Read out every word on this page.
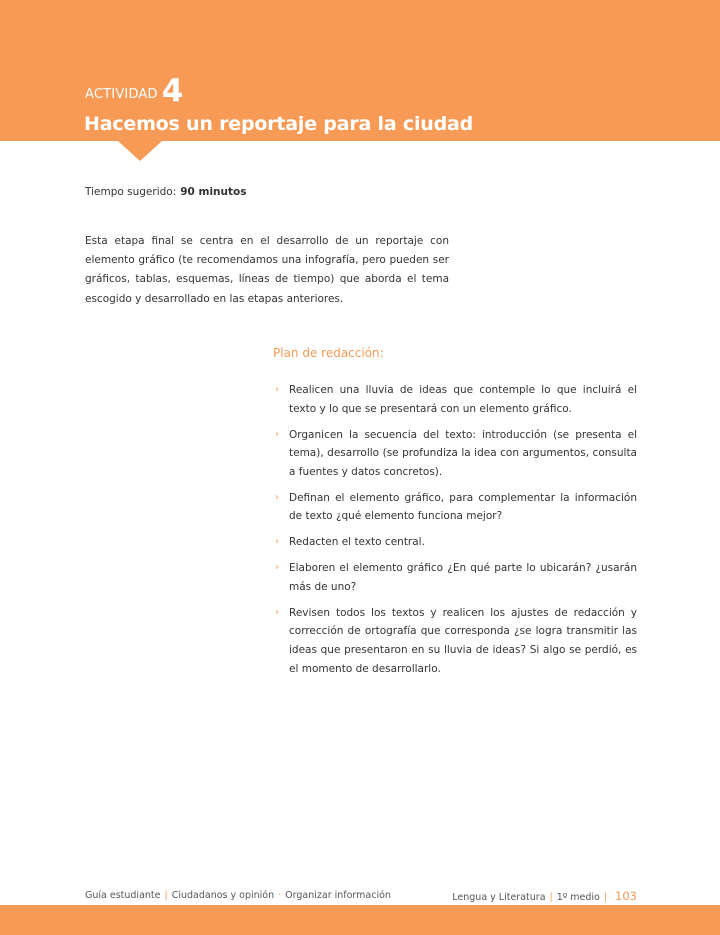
ACTIVIDAD 4
Hacemos un reportaje para la ciudad
Tiempo sugerido: 90 minutos

Esta etapa final se centra en el desarrollo de un reportaje con elemento gráfico (te recomendamos una infografía, pero pueden ser gráficos, tablas, esquemas, líneas de tiempo) que aborda el tema escogido y desarrollado en las etapas anteriores.

Plan de redacción:
› Realicen una lluvia de ideas que contemple lo que incluirá el texto y lo que se presentará con un elemento gráfico.
› Organicen la secuencia del texto: introducción (se presenta el tema), desarrollo (se profundiza la idea con argumentos, consulta a fuentes y datos concretos).
› Definan el elemento gráfico, para complementar la información de texto ¿qué elemento funciona mejor?
› Redacten el texto central.
› Elaboren el elemento gráfico ¿En qué parte lo ubicarán? ¿usarán más de uno?
› Revisen todos los textos y realicen los ajustes de redacción y corrección de ortografía que corresponda ¿se logra transmitir las ideas que presentaron en su lluvia de ideas? Si algo se perdió, es el momento de desarrollarlo.
Guía estudiante | Ciudadanos y opinión · Organizar información	Lengua y Literatura | 1º medio | 103
